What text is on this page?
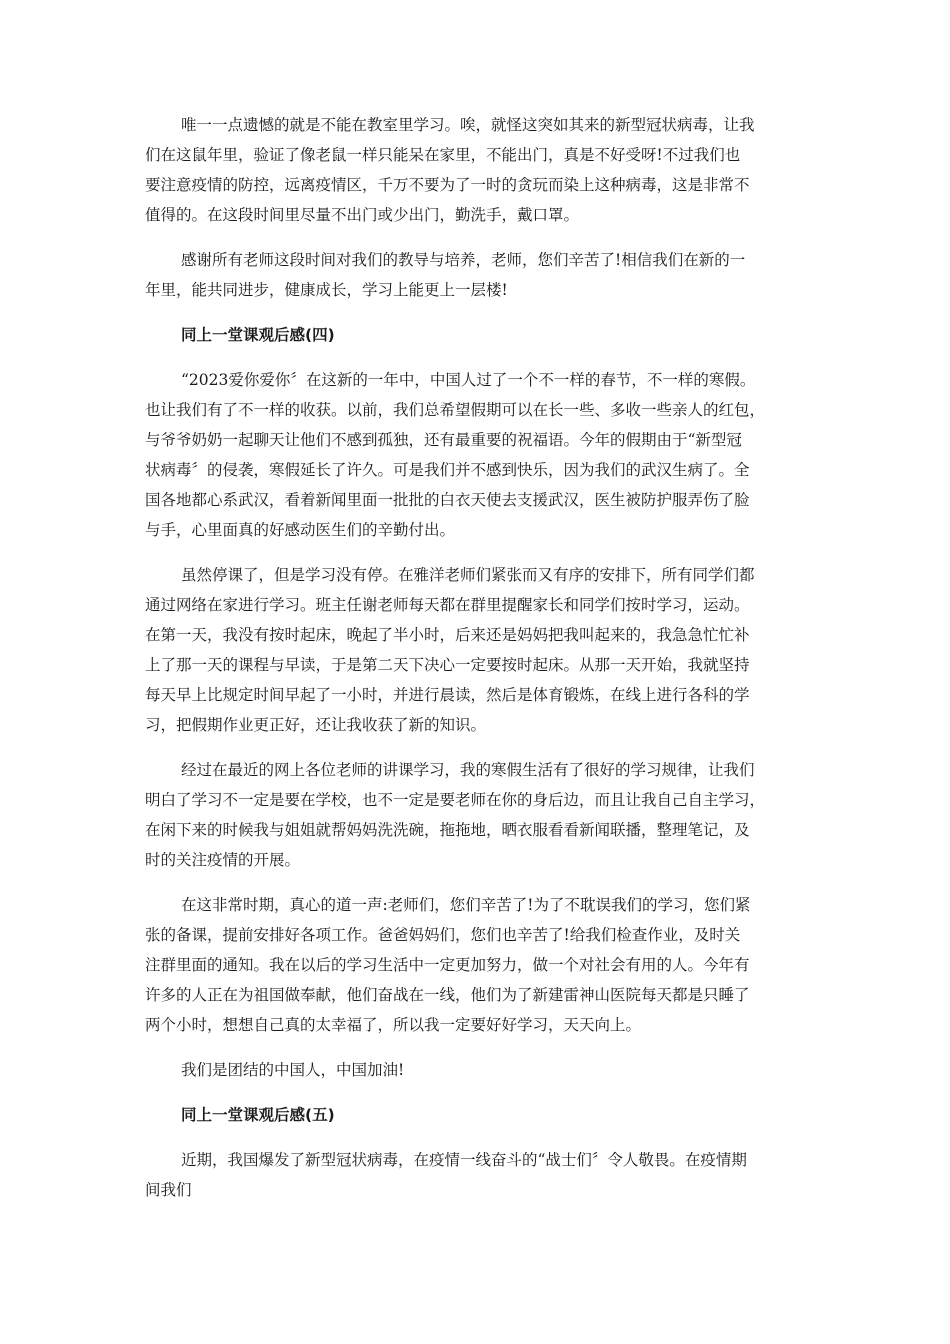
唯一一点遗憾的就是不能在教室里学习。唉，就怪这突如其来的新型冠状病毒，让我
们在这鼠年里，验证了像老鼠一样只能呆在家里，不能出门，真是不好受呀!不过我们也
要注意疫情的防控，远离疫情区，千万不要为了一时的贪玩而染上这种病毒，这是非常不
值得的。在这段时间里尽量不出门或少出门，勤洗手，戴口罩。
感谢所有老师这段时间对我们的教导与培养，老师，您们辛苦了!相信我们在新的一
年里，能共同进步，健康成长，学习上能更上一层楼!
同上一堂课观后感(四)
“2023爱你爱你〞在这新的一年中，中国人过了一个不一样的春节，不一样的寒假。
也让我们有了不一样的收获。以前，我们总希望假期可以在长一些、多收一些亲人的红包，
与爷爷奶奶一起聊天让他们不感到孤独，还有最重要的祝福语。今年的假期由于“新型冠
状病毒〞的侵袭，寒假延长了许久。可是我们并不感到快乐，因为我们的武汉生病了。全
国各地都心系武汉，看着新闻里面一批批的白衣天使去支援武汉，医生被防护服弄伤了脸
与手，心里面真的好感动医生们的辛勤付出。
虽然停课了，但是学习没有停。在雅洋老师们紧张而又有序的安排下，所有同学们都
通过网络在家进行学习。班主任谢老师每天都在群里提醒家长和同学们按时学习，运动。
在第一天，我没有按时起床，晚起了半小时，后来还是妈妈把我叫起来的，我急急忙忙补
上了那一天的课程与早读，于是第二天下决心一定要按时起床。从那一天开始，我就坚持
每天早上比规定时间早起了一小时，并进行晨读，然后是体育锻炼，在线上进行各科的学
习，把假期作业更正好，还让我收获了新的知识。
经过在最近的网上各位老师的讲课学习，我的寒假生活有了很好的学习规律，让我们
明白了学习不一定是要在学校，也不一定是要老师在你的身后边，而且让我自己自主学习，
在闲下来的时候我与姐姐就帮妈妈洗洗碗，拖拖地，晒衣服看看新闻联播，整理笔记，及
时的关注疫情的开展。
在这非常时期，真心的道一声:老师们，您们辛苦了!为了不耽误我们的学习，您们紧
张的备课，提前安排好各项工作。爸爸妈妈们，您们也辛苦了!给我们检查作业，及时关
注群里面的通知。我在以后的学习生活中一定更加努力，做一个对社会有用的人。今年有
许多的人正在为祖国做奉献，他们奋战在一线，他们为了新建雷神山医院每天都是只睡了
两个小时，想想自己真的太幸福了，所以我一定要好好学习，天天向上。
我们是团结的中国人，中国加油!
同上一堂课观后感(五)
近期，我国爆发了新型冠状病毒，在疫情一线奋斗的“战士们〞令人敬畏。在疫情期
间我们
